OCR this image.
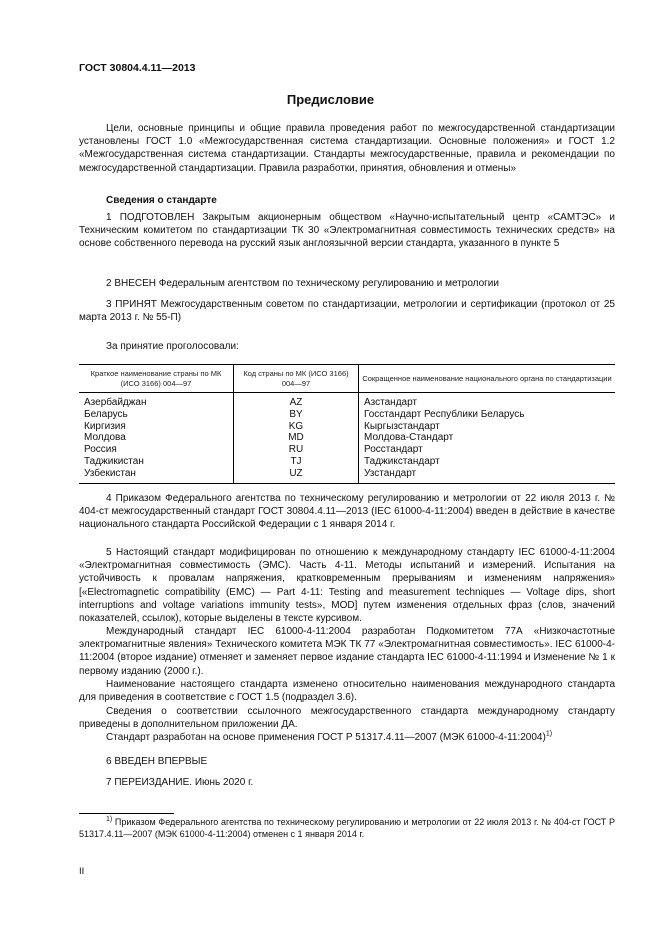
ГОСТ 30804.4.11—2013
Предисловие

Цели, основные принципы и общие правила проведения работ по межгосударственной стандартизации установлены ГОСТ 1.0 «Межгосударственная система стандартизации. Основные положения» и ГОСТ 1.2 «Межгосударственная система стандартизации. Стандарты межгосударственные, правила и рекомендации по межгосударственной стандартизации. Правила разработки, принятия, обновления и отмены»

Сведения о стандарте

1 ПОДГОТОВЛЕН Закрытым акционерным обществом «Научно-испытательный центр «САМТЭС» и Техническим комитетом по стандартизации ТК 30 «Электромагнитная совместимость технических средств» на основе собственного перевода на русский язык англоязычной версии стандарта, указанного в пункте 5

2 ВНЕСЕН Федеральным агентством по техническому регулированию и метрологии

3 ПРИНЯТ Межгосударственным советом по стандартизации, метрологии и сертификации (протокол от 25 марта 2013 г. № 55-П)

За принятие проголосовали:

Краткое наименование страны по МК (ИСО 3166) 004—97	Код страны по МК (ИСО 3166) 004—97	Сокращенное наименование национального органа по стандартизации
Азербайджан	AZ	Азстандарт
Беларусь	BY	Госстандарт Республики Беларусь
Киргизия	KG	Кыргызстандарт
Молдова	MD	Молдова-Стандарт
Россия	RU	Росстандарт
Таджикистан	TJ	Таджикстандарт
Узбекистан	UZ	Узстандарт

4 Приказом Федерального агентства по техническому регулированию и метрологии от 22 июля 2013 г. № 404-ст межгосударственный стандарт ГОСТ 30804.4.11—2013 (IEC 61000-4-11:2004) введен в действие в качестве национального стандарта Российской Федерации с 1 января 2014 г.

5 Настоящий стандарт модифицирован по отношению к международному стандарту IEC 61000-4-11:2004 «Электромагнитная совместимость (ЭМС). Часть 4-11. Методы испытаний и измерений. Испытания на устойчивость к провалам напряжения, кратковременным прерываниям и изменениям напряжения» [«Electromagnetic compatibility (EMC) — Part 4-11: Testing and measurement techniques — Voltage dips, short interruptions and voltage variations immunity tests», MOD] путем изменения отдельных фраз (слов, значений показателей, ссылок), которые выделены в тексте курсивом.

Международный стандарт IEC 61000-4-11:2004 разработан Подкомитетом 77А «Низкочастотные электромагнитные явления» Технического комитета МЭК ТК 77 «Электромагнитная совместимость». IEC 61000-4-11:2004 (второе издание) отменяет и заменяет первое издание стандарта IEC 61000-4-11:1994 и Изменение № 1 к первому изданию (2000 г.).

Наименование настоящего стандарта изменено относительно наименования международного стандарта для приведения в соответствие с ГОСТ 1.5 (подраздел 3.6).

Сведения о соответствии ссылочного межгосударственного стандарта международному стандарту приведены в дополнительном приложении ДА.

Стандарт разработан на основе применения ГОСТ Р 51317.4.11—2007 (МЭК 61000-4-11:2004)$^{1)}$

6 ВВЕДЕН ВПЕРВЫЕ

7 ПЕРЕИЗДАНИЕ. Июнь 2020 г.

$^{1)}$ Приказом Федерального агентства по техническому регулированию и метрологии от 22 июля 2013 г. № 404-ст ГОСТ Р 51317.4.11—2007 (МЭК 61000-4-11:2004) отменен с 1 января 2014 г.

II
